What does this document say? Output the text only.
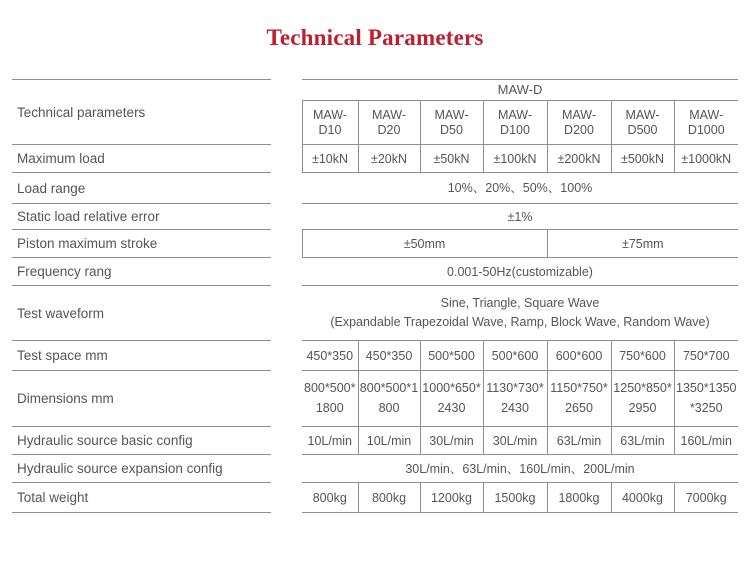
Technical Parameters
Technical parameters		MAW-D						
		MAW-D10	MAW-D20	MAW-D50	MAW-D100	MAW-D200	MAW-D500	MAW-D1000
Maximum load		±10kN	±20kN	±50kN	±100kN	±200kN	±500kN	±1000kN
Load range		10%、20%、50%、100%						
Static load relative error		±1%						
Piston maximum stroke		±50mm				±75mm		
Frequency rang		0.001-50Hz(customizable)						
Test waveform		Sine, Triangle, Square Wave
(Expandable Trapezoidal Wave, Ramp, Block Wave, Random Wave)						

Test space mm		450*350	450*350	500*500	500*600	600*600	750*600	750*700
Dimensions mm		800*500*1800	800*500*1800	1000*650*2430	1130*730*2430	1150*750*2650	1250*850*2950	1350*1350*3250
Hydraulic source basic config		10L/min	10L/min	30L/min	30L/min	63L/min	63L/min	160L/min
Hydraulic source expansion config		30L/min、63L/min、160L/min、200L/min						
Total weight		800kg	800kg	1200kg	1500kg	1800kg	4000kg	7000kg
